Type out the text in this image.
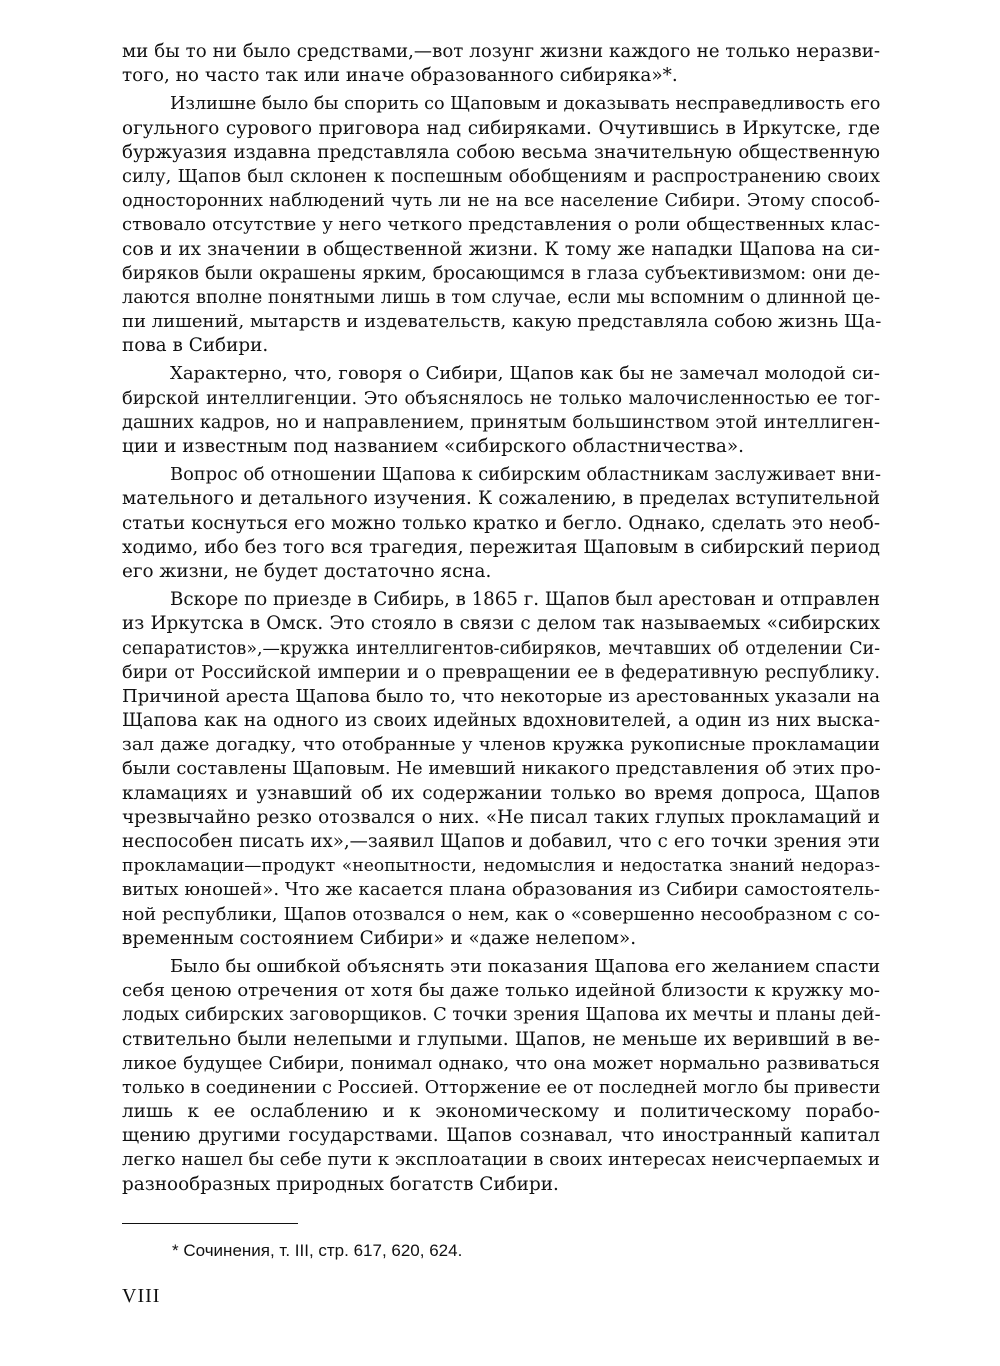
ми бы то ни было средствами,—вот лозунг жизни каждого не только неразви-
того, но часто так или иначе образованного сибиряка»*.
Излишне было бы спорить со Щаповым и доказывать несправедливость его
огульного сурового приговора над сибиряками. Очутившись в Иркутске, где
буржуазия издавна представляла собою весьма значительную общественную
силу, Щапов был склонен к поспешным обобщениям и распространению своих
односторонних наблюдений чуть ли не на все население Сибири. Этому способ-
ствовало отсутствие у него четкого представления о роли общественных клас-
сов и их значении в общественной жизни. К тому же нападки Щапова на си-
биряков были окрашены ярким, бросающимся в глаза субъективизмом: они де-
лаются вполне понятными лишь в том случае, если мы вспомним о длинной це-
пи лишений, мытарств и издевательств, какую представляла собою жизнь Ща-
пова в Сибири.
Характерно, что, говоря о Сибири, Щапов как бы не замечал молодой си-
бирской интеллигенции. Это объяснялось не только малочисленностью ее тог-
дашних кадров, но и направлением, принятым большинством этой интеллиген-
ции и известным под названием «сибирского областничества».
Вопрос об отношении Щапова к сибирским областникам заслуживает вни-
мательного и детального изучения. К сожалению, в пределах вступительной
статьи коснуться его можно только кратко и бегло. Однако, сделать это необ-
ходимо, ибо без того вся трагедия, пережитая Щаповым в сибирский период
его жизни, не будет достаточно ясна.
Вскоре по приезде в Сибирь, в 1865 г. Щапов был арестован и отправлен
из Иркутска в Омск. Это стояло в связи с делом так называемых «сибирских
сепаратистов»,—кружка интеллигентов-сибиряков, мечтавших об отделении Си-
бири от Российской империи и о превращении ее в федеративную республику.
Причиной ареста Щапова было то, что некоторые из арестованных указали на
Щапова как на одного из своих идейных вдохновителей, а один из них выска-
зал даже догадку, что отобранные у членов кружка рукописные прокламации
были составлены Щаповым. Не имевший никакого представления об этих про-
кламациях и узнавший об их содержании только во время допроса, Щапов
чрезвычайно резко отозвался о них. «Не писал таких глупых прокламаций и
неспособен писать их»,—заявил Щапов и добавил, что с его точки зрения эти
прокламации—продукт «неопытности, недомыслия и недостатка знаний недораз-
витых юношей». Что же касается плана образования из Сибири самостоятель-
ной республики, Щапов отозвался о нем, как о «совершенно несообразном с со-
временным состоянием Сибири» и «даже нелепом».
Было бы ошибкой объяснять эти показания Щапова его желанием спасти
себя ценою отречения от хотя бы даже только идейной близости к кружку мо-
лодых сибирских заговорщиков. С точки зрения Щапова их мечты и планы дей-
ствительно были нелепыми и глупыми. Щапов, не меньше их веривший в ве-
ликое будущее Сибири, понимал однако, что она может нормально развиваться
только в соединении с Россией. Отторжение ее от последней могло бы привести
лишь к ее ослаблению и к экономическому и политическому порабо-
щению другими государствами. Щапов сознавал, что иностранный капитал
легко нашел бы себе пути к эксплоатации в своих интересах неисчерпаемых и
разнообразных природных богатств Сибири.
* Сочинения, т. III, стр. 617, 620, 624.
VIII
